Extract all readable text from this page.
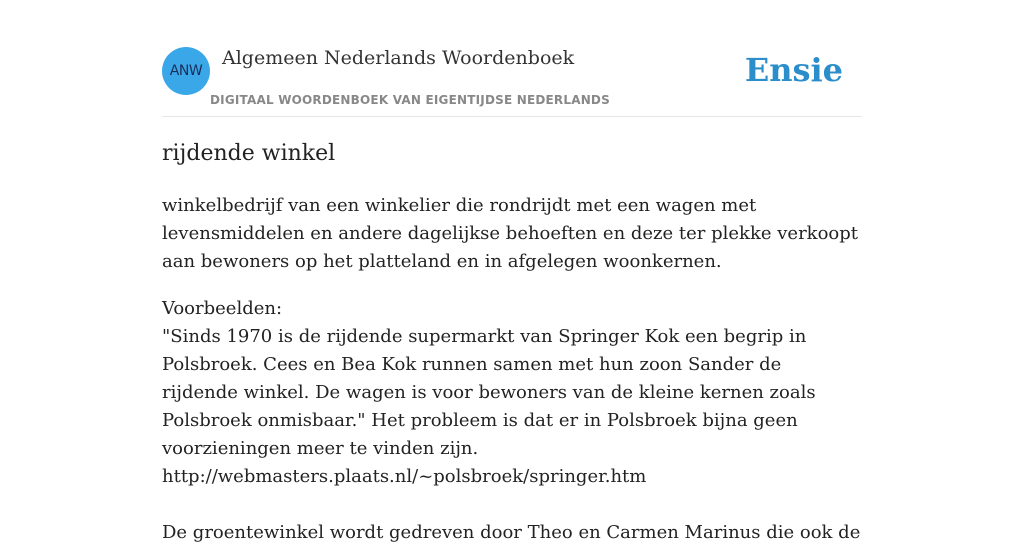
ANW
Algemeen Nederlands Woordenboek
DIGITAAL WOORDENBOEK VAN EIGENTIJDSE NEDERLANDS
Ensie
rijdende winkel

winkelbedrijf van een winkelier die rondrijdt met een wagen met levensmiddelen en andere dagelijkse behoeften en deze ter plekke verkoopt aan bewoners op het platteland en in afgelegen woonkernen.

Voorbeelden:
"Sinds 1970 is de rijdende supermarkt van Springer Kok een begrip in Polsbroek. Cees en Bea Kok runnen samen met hun zoon Sander de rijdende winkel. De wagen is voor bewoners van de kleine kernen zoals Polsbroek onmisbaar." Het probleem is dat er in Polsbroek bijna geen voorzieningen meer te vinden zijn.
http://webmasters.plaats.nl/~polsbroek/springer.htm
De groentewinkel wordt gedreven door Theo en Carmen Marinus die ook de
